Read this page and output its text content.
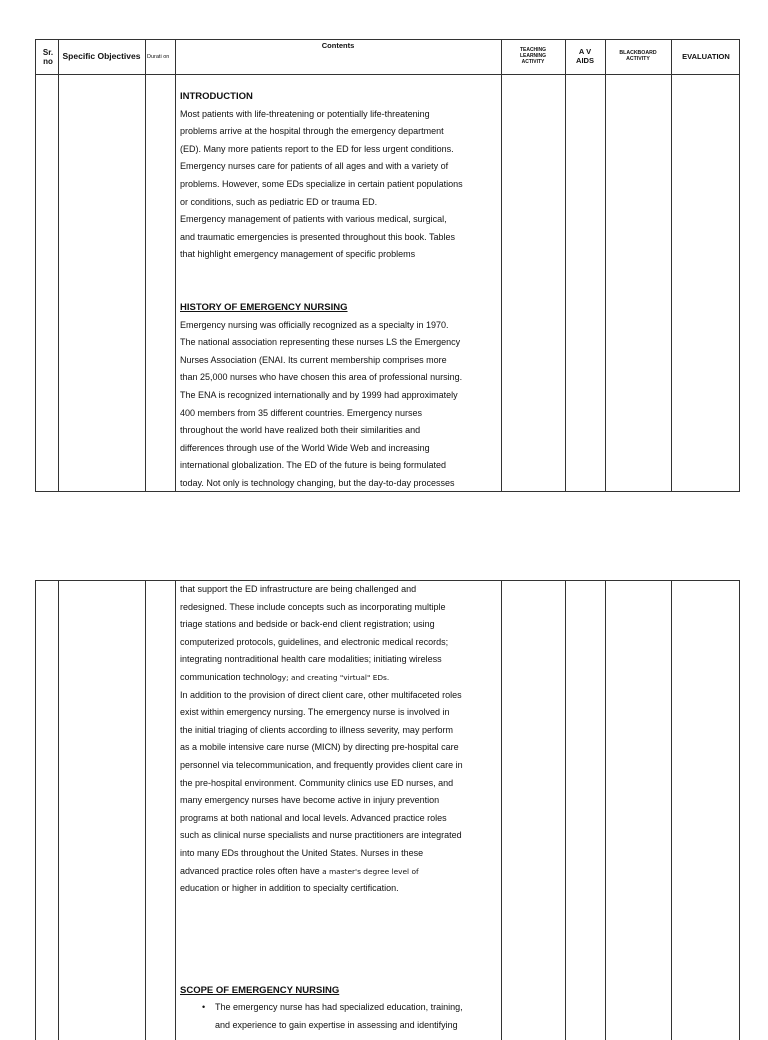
Sr. no
Specific Objectives	Durati on
Contents
TEACHING LEARNING ACTIVITY
A V AIDS
BLACKBOARD ACTIVITY	EVALUATION

INTRODUCTION

Most patients with life-threatening or potentially life-threatening

problems arrive at the hospital through the emergency department

(ED). Many more patients report to the ED for less urgent conditions.

Emergency nurses care for patients of all ages and with a variety of

problems. However, some EDs specialize in certain patient populations

or conditions, such as pediatric ED or trauma ED.

Emergency management of patients with various medical, surgical,

and traumatic emergencies is presented throughout this book. Tables

that highlight emergency management of specific problems

HISTORY OF EMERGENCY NURSING

Emergency nursing was officially recognized as a specialty in 1970.

The national association representing these nurses LS the Emergency

Nurses Association (ENAI. Its current membership comprises more

than 25,000 nurses who have chosen this area of professional nursing.

The ENA is recognized internationally and by 1999 had approximately

400 members from 35 different countries. Emergency nurses

throughout the world have realized both their similarities and

differences through use of the World Wide Web and increasing

international globalization. The ED of the future is being formulated

today. Not only is technology changing, but the day-to-day processes

that support the ED infrastructure are being challenged and

redesigned. These include concepts such as incorporating multiple

triage stations and bedside or back-end client registration; using

computerized protocols, guidelines, and electronic medical records;

integrating nontraditional health care modalities; initiating wireless

communication technology; and creating "virtual" EDs.

In addition to the provision of direct client care, other multifaceted roles

exist within emergency nursing. The emergency nurse is involved in

the initial triaging of clients according to illness severity, may perform

as a mobile intensive care nurse (MICN) by directing pre-hospital care

personnel via telecommunication, and frequently provides client care in

the pre-hospital environment. Community clinics use ED nurses, and

many emergency nurses have become active in injury prevention

programs at both national and local levels. Advanced practice roles

such as clinical nurse specialists and nurse practitioners are integrated

into many EDs throughout the United States. Nurses in these

advanced practice roles often have a master's degree level of

education or higher in addition to specialty certification.

SCOPE OF EMERGENCY NURSING

• The emergency nurse has had specialized education, training,

and experience to gain expertise in assessing and identifying
